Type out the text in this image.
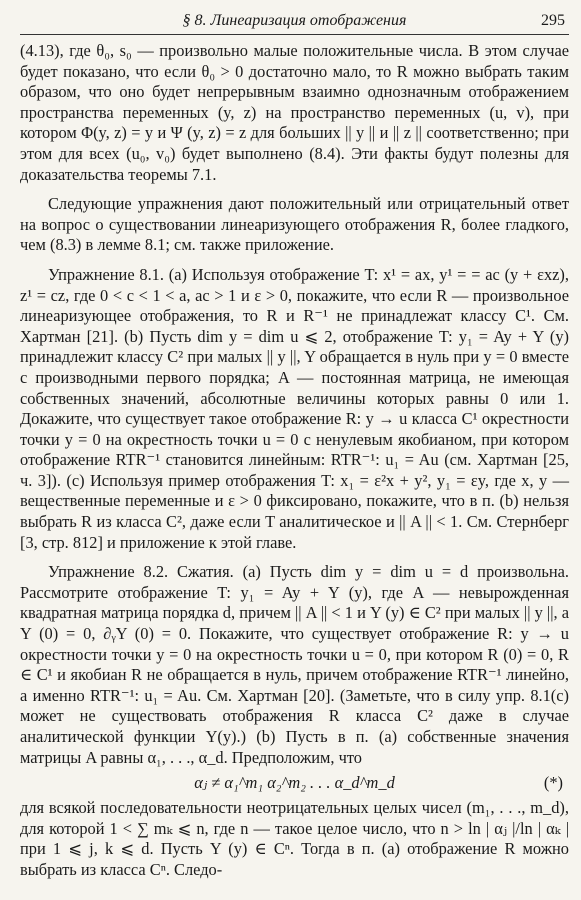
§ 8. Линеаризация отображения	295

(4.13), где θ₀, s₀ — произвольно малые положительные числа. В этом случае будет показано, что если θ₀ > 0 достаточно мало, то R можно выбрать таким образом, что оно будет непрерывным взаимно однозначным отображением пространства переменных (y, z) на пространство переменных (u, v), при котором Φ(y, z) = y и Ψ (y, z) = z для больших || y || и || z || соответственно; при этом для всех (u₀, v₀) будет выполнено (8.4). Эти факты будут полезны для доказательства теоремы 7.1.

Следующие упражнения дают положительный или отрицательный ответ на вопрос о существовании линеаризующего отображения R, более гладкого, чем (8.3) в лемме 8.1; см. также приложение.

Упражнение 8.1. (а) Используя отображение T: x¹ = ax, y¹ = = ac (y + εxz), z¹ = cz, где 0 < c < 1 < a, ac > 1 и ε > 0, покажите, что если R — произвольное линеаризующее отображения, то R и R⁻¹ не принадлежат классу C¹. См. Хартман [21]. (b) Пусть dim y = dim u ⩽ 2, отображение T: y₁ = Ay + Y (y) принадлежит классу C² при малых || y ||, Y обращается в нуль при y = 0 вместе с производными первого порядка; A — постоянная матрица, не имеющая собственных значений, абсолютные величины которых равны 0 или 1. Докажите, что существует такое отображение R: y → u класса C¹ окрестности точки y = 0 на окрестность точки u = 0 с ненулевым якобианом, при котором отображение RTR⁻¹ становится линейным: RTR⁻¹: u₁ = Au (см. Хартман [25, ч. 3]). (с) Используя пример отображения T: x₁ = ε²x + y², y₁ = εy, где x, y — вещественные переменные и ε > 0 фиксировано, покажите, что в п. (b) нельзя выбрать R из класса C², даже если T аналитическое и || A || < 1. См. Стернберг [3, стр. 812] и приложение к этой главе.

Упражнение 8.2. Сжатия. (а) Пусть dim y = dim u = d произвольна. Рассмотрите отображение T: y₁ = Ay + Y (y), где A — невырожденная квадратная матрица порядка d, причем || A || < 1 и Y (y) ∈ C² при малых || y ||, а Y (0) = 0, ∂ᵧY (0) = 0. Покажите, что существует отображение R: y → u окрестности точки y = 0 на окрестность точки u = 0, при котором R (0) = 0, R ∈ C¹ и якобиан R не обращается в нуль, причем отображение RTR⁻¹ линейно, а именно RTR⁻¹: u₁ = Au. См. Хартман [20]. (Заметьте, что в силу упр. 8.1(с) может не существовать отображения R класса C² даже в случае аналитической функции Y(y).) (b) Пусть в п. (а) собственные значения матрицы A равны α₁, . . ., α_d. Предположим, что

αⱼ ≠ α₁^m₁ α₂^m₂ . . . α_d^m_d	(*)

для всякой последовательности неотрицательных целых чисел (m₁, . . ., m_d), для которой 1 < ∑ mₖ ⩽ n, где n — такое целое число, что n > ln | αⱼ |/ln | αₖ | при 1 ⩽ j, k ⩽ d. Пусть Y (y) ∈ Cⁿ. Тогда в п. (а) отображение R можно выбрать из класса Cⁿ. Следо-
